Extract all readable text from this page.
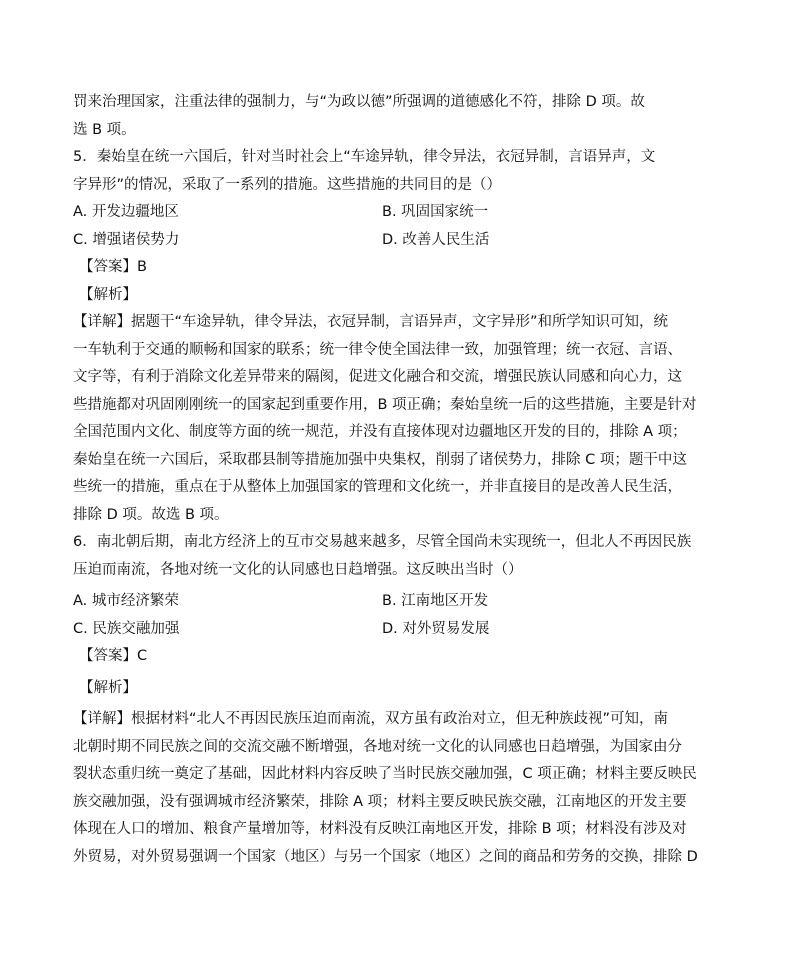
罚来治理国家，注重法律的强制力，与“为政以德”所强调的道德感化不符，排除 D 项。故
选 B 项。
5．秦始皇在统一六国后，针对当时社会上“车途异轨，律令异法，衣冠异制，言语异声，文
字异形”的情况，采取了一系列的措施。这些措施的共同目的是（）
A. 开发边疆地区	B. 巩固国家统一
C. 增强诸侯势力	D. 改善人民生活
【答案】B
【解析】
【详解】据题干“车途异轨，律令异法，衣冠异制，言语异声，文字异形”和所学知识可知，统
一车轨利于交通的顺畅和国家的联系；统一律令使全国法律一致，加强管理；统一衣冠、言语、
文字等，有利于消除文化差异带来的隔阂，促进文化融合和交流，增强民族认同感和向心力，这
些措施都对巩固刚刚统一的国家起到重要作用，B 项正确；秦始皇统一后的这些措施，主要是针对
全国范围内文化、制度等方面的统一规范，并没有直接体现对边疆地区开发的目的，排除 A 项；
秦始皇在统一六国后，采取郡县制等措施加强中央集权，削弱了诸侯势力，排除 C 项；题干中这
些统一的措施，重点在于从整体上加强国家的管理和文化统一，并非直接目的是改善人民生活，
排除 D 项。故选 B 项。
6．南北朝后期，南北方经济上的互市交易越来越多，尽管全国尚未实现统一，但北人不再因民族
压迫而南流，各地对统一文化的认同感也日趋增强。这反映出当时（）
A. 城市经济繁荣	B. 江南地区开发
C. 民族交融加强	D. 对外贸易发展
【答案】C
【解析】
【详解】根据材料“北人不再因民族压迫而南流，双方虽有政治对立，但无种族歧视”可知，南
北朝时期不同民族之间的交流交融不断增强，各地对统一文化的认同感也日趋增强，为国家由分
裂状态重归统一奠定了基础，因此材料内容反映了当时民族交融加强，C 项正确；材料主要反映民
族交融加强，没有强调城市经济繁荣，排除 A 项；材料主要反映民族交融，江南地区的开发主要
体现在人口的增加、粮食产量增加等，材料没有反映江南地区开发，排除 B 项；材料没有涉及对
外贸易，对外贸易强调一个国家（地区）与另一个国家（地区）之间的商品和劳务的交换，排除 D
